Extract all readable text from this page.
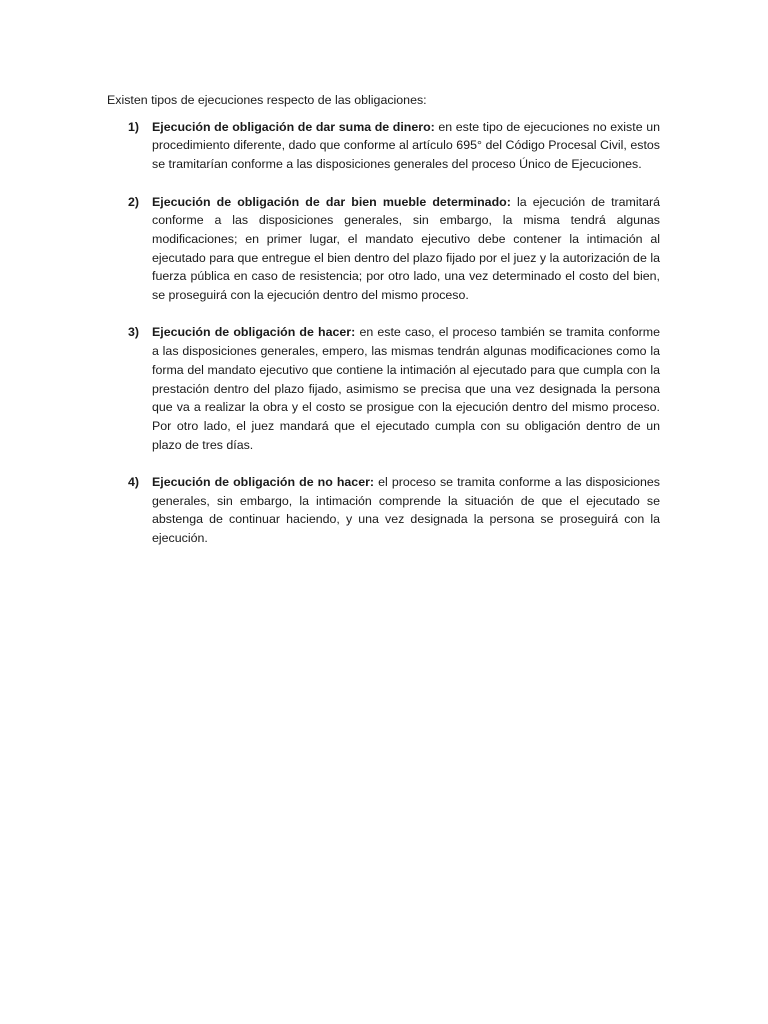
Existen tipos de ejecuciones respecto de las obligaciones:

1) Ejecución de obligación de dar suma de dinero: en este tipo de ejecuciones no existe un procedimiento diferente, dado que conforme al artículo 695° del Código Procesal Civil, estos se tramitarían conforme a las disposiciones generales del proceso Único de Ejecuciones.
2) Ejecución de obligación de dar bien mueble determinado: la ejecución de tramitará conforme a las disposiciones generales, sin embargo, la misma tendrá algunas modificaciones; en primer lugar, el mandato ejecutivo debe contener la intimación al ejecutado para que entregue el bien dentro del plazo fijado por el juez y la autorización de la fuerza pública en caso de resistencia; por otro lado, una vez determinado el costo del bien, se proseguirá con la ejecución dentro del mismo proceso.
3) Ejecución de obligación de hacer: en este caso, el proceso también se tramita conforme a las disposiciones generales, empero, las mismas tendrán algunas modificaciones como la forma del mandato ejecutivo que contiene la intimación al ejecutado para que cumpla con la prestación dentro del plazo fijado, asimismo se precisa que una vez designada la persona que va a realizar la obra y el costo se prosigue con la ejecución dentro del mismo proceso. Por otro lado, el juez mandará que el ejecutado cumpla con su obligación dentro de un plazo de tres días.
4) Ejecución de obligación de no hacer: el proceso se tramita conforme a las disposiciones generales, sin embargo, la intimación comprende la situación de que el ejecutado se abstenga de continuar haciendo, y una vez designada la persona se proseguirá con la ejecución.
